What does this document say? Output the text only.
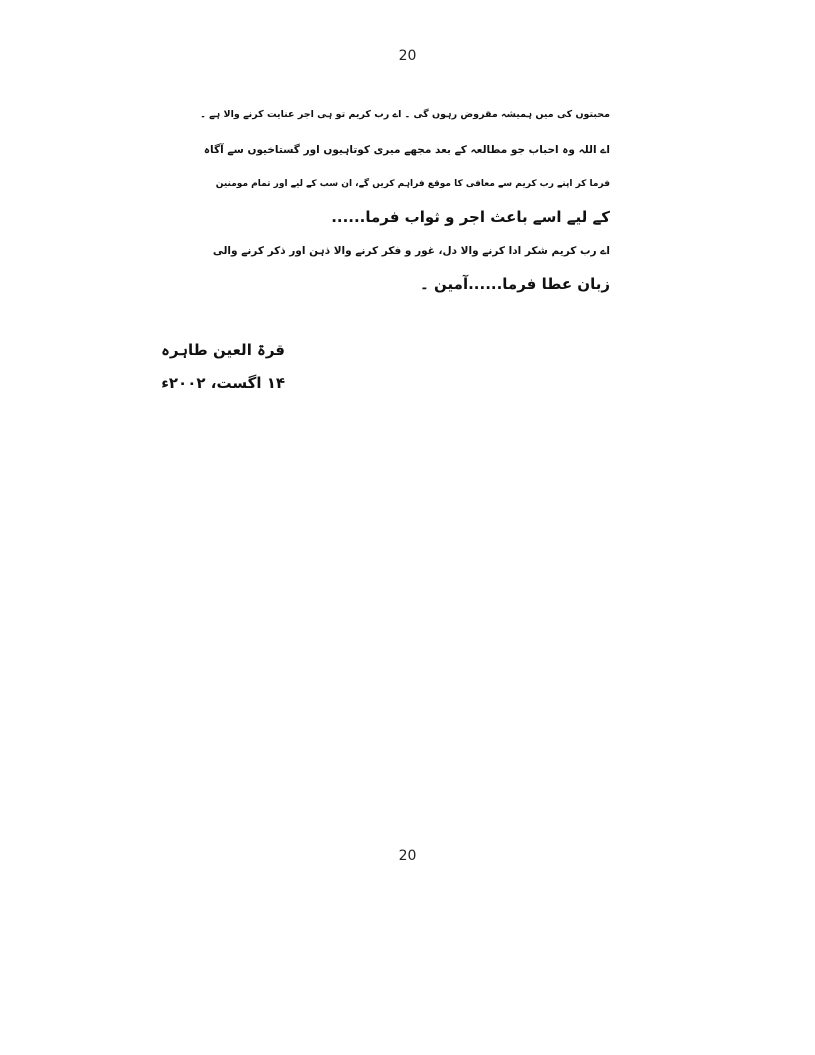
20
محبتوں کی میں ہمیشہ مقروض رہوں گی ۔ اے رب کریم تو ہی اجر عنایت کرنے والا ہے ۔
اے اللہ وہ احباب جو مطالعہ کے بعد مجھے میری کوتاہیوں اور گستاخیوں سے آگاہ
فرما کر اپنے رب کریم سے معافی کا موقع فراہم کریں گے، ان سب کے لیے اور تمام مومنین
کے لیے اسے باعث اجر و ثواب فرما......
اے رب کریم شکر ادا کرنے والا دل، غور و فکر کرنے والا ذہن اور ذکر کرنے والی
زبان عطا فرما......آمین ۔
قرۃ العین طاہرہ
۱۴ اگست، ۲۰۰۲ء
20
